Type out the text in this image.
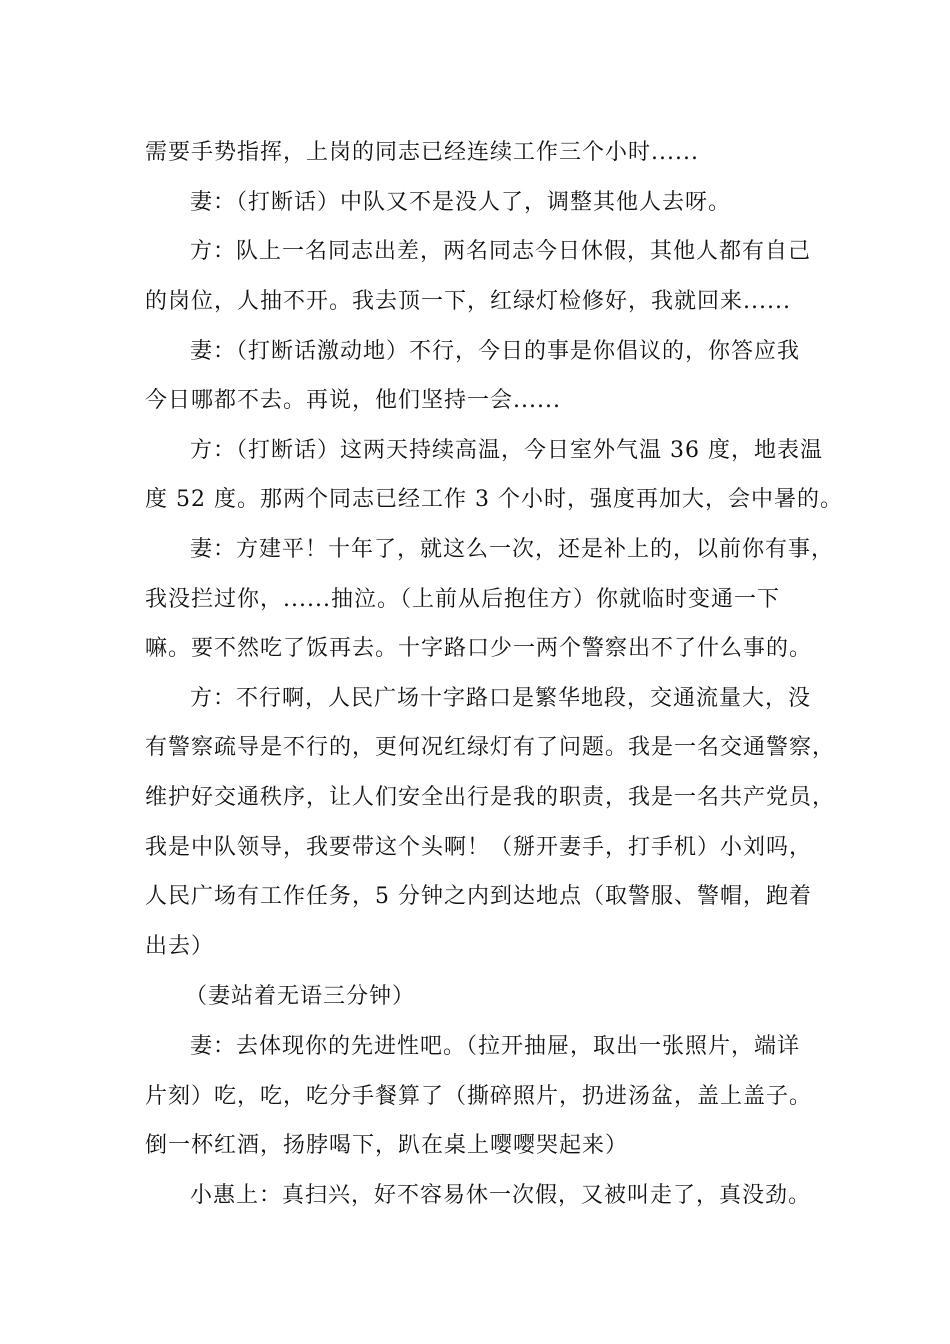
需要手势指挥，上岗的同志已经连续工作三个小时......
妻：（打断话）中队又不是没人了，调整其他人去呀。
方：队上一名同志出差，两名同志今日休假，其他人都有自己
的岗位，人抽不开。我去顶一下，红绿灯检修好，我就回来......
妻：（打断话激动地）不行，今日的事是你倡议的，你答应我
今日哪都不去。再说，他们坚持一会......
方：（打断话）这两天持续高温，今日室外气温 36 度，地表温
度 52 度。那两个同志已经工作 3 个小时，强度再加大，会中暑的。
妻：方建平！十年了，就这么一次，还是补上的，以前你有事，
我没拦过你，......抽泣。（上前从后抱住方）你就临时变通一下
嘛。要不然吃了饭再去。十字路口少一两个警察出不了什么事的。
方：不行啊，人民广场十字路口是繁华地段，交通流量大，没
有警察疏导是不行的，更何况红绿灯有了问题。我是一名交通警察，
维护好交通秩序，让人们安全出行是我的职责，我是一名共产党员，
我是中队领导，我要带这个头啊！（掰开妻手，打手机）小刘吗，
人民广场有工作任务，5 分钟之内到达地点（取警服、警帽，跑着
出去）
（妻站着无语三分钟）
妻：去体现你的先进性吧。（拉开抽屉，取出一张照片，端详
片刻）吃，吃，吃分手餐算了（撕碎照片，扔进汤盆，盖上盖子。
倒一杯红酒，扬脖喝下，趴在桌上嘤嘤哭起来）
小惠上：真扫兴，好不容易休一次假，又被叫走了，真没劲。
